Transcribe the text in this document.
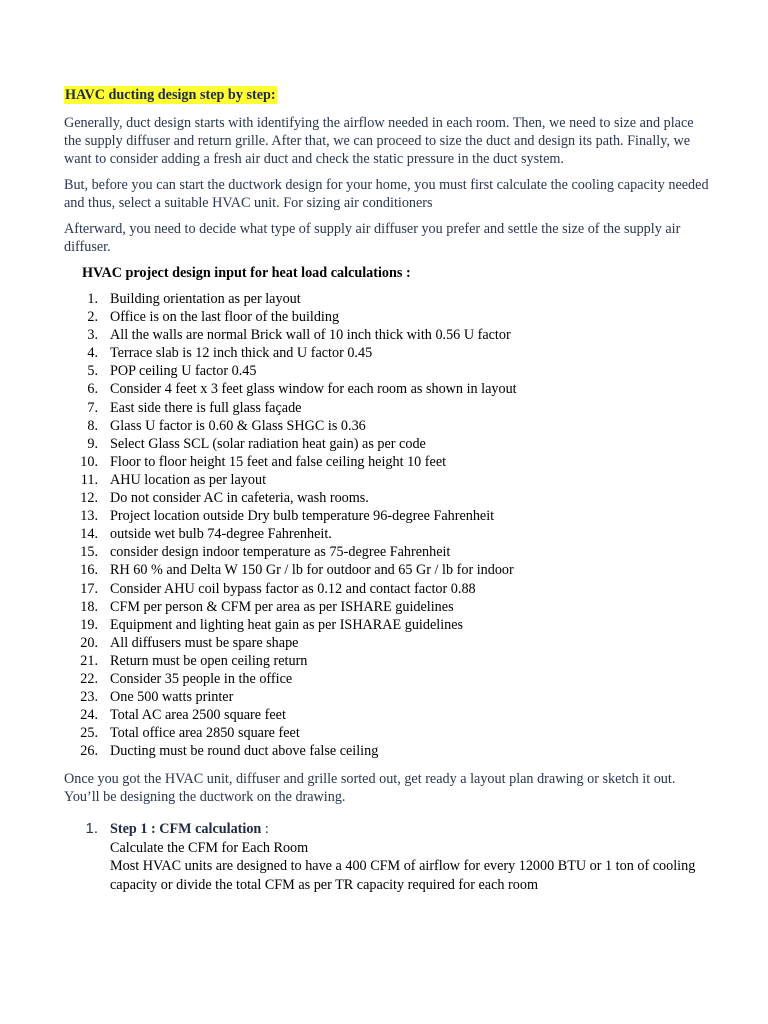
HAVC ducting design step by step:

Generally, duct design starts with identifying the airflow needed in each room. Then, we need to size and place the supply diffuser and return grille. After that, we can proceed to size the duct and design its path. Finally, we want to consider adding a fresh air duct and check the static pressure in the duct system.

But, before you can start the ductwork design for your home, you must first calculate the cooling capacity needed and thus, select a suitable HVAC unit. For sizing air conditioners

Afterward, you need to decide what type of supply air diffuser you prefer and settle the size of the supply air diffuser.

HVAC project design input for heat load calculations :
1. Building orientation as per layout
2. Office is on the last floor of the building
3. All the walls are normal Brick wall of 10 inch thick with 0.56 U factor
4. Terrace slab is 12 inch thick and U factor 0.45
5. POP ceiling U factor 0.45
6. Consider 4 feet x 3 feet glass window for each room as shown in layout
7. East side there is full glass façade
8. Glass U factor is 0.60 & Glass SHGC is 0.36
9. Select Glass SCL (solar radiation heat gain) as per code
10. Floor to floor height 15 feet and false ceiling height 10 feet
11. AHU location as per layout
12. Do not consider AC in cafeteria, wash rooms.
13. Project location outside Dry bulb temperature 96-degree Fahrenheit
14. outside wet bulb 74-degree Fahrenheit.
15. consider design indoor temperature as 75-degree Fahrenheit
16. RH 60 % and Delta W 150 Gr / lb for outdoor and 65 Gr / lb for indoor
17. Consider AHU coil bypass factor as 0.12 and contact factor 0.88
18. CFM per person & CFM per area as per ISHARE guidelines
19. Equipment and lighting heat gain as per ISHARAE guidelines
20. All diffusers must be spare shape
21. Return must be open ceiling return
22. Consider 35 people in the office
23. One 500 watts printer
24. Total AC area 2500 square feet
25. Total office area 2850 square feet
26. Ducting must be round duct above false ceiling

Once you got the HVAC unit, diffuser and grille sorted out, get ready a layout plan drawing or sketch it out. You’ll be designing the ductwork on the drawing.

1. Step 1 : CFM calculation :
Calculate the CFM for Each Room
Most HVAC units are designed to have a 400 CFM of airflow for every 12000 BTU or 1 ton of cooling capacity or divide the total CFM as per TR capacity required for each room
